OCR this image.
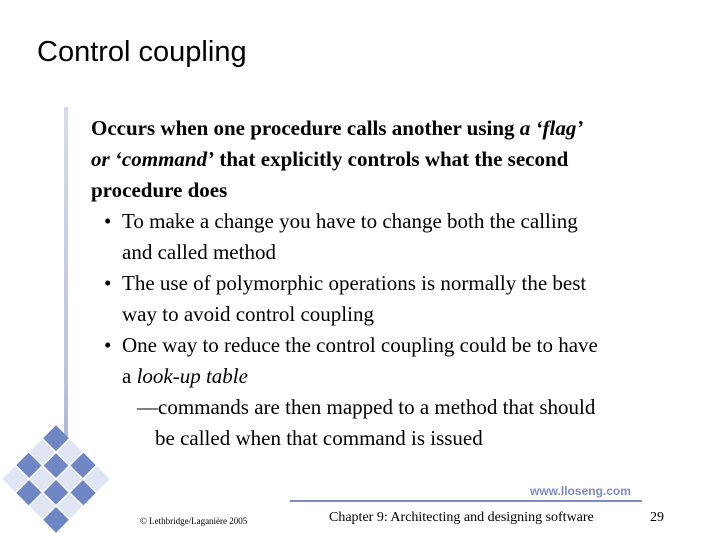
Control coupling
Occurs when one procedure calls another using a ‘flag’
or ‘command’ that explicitly controls what the second
procedure does
• To make a change you have to change both the calling
and called method
• The use of polymorphic operations is normally the best
way to avoid control coupling
• One way to reduce the control coupling could be to have
a look-up table
—commands are then mapped to a method that should
be called when that command is issued
www.lloseng.com
© Lethbridge/Laganière 2005	Chapter 9: Architecting and designing software	29
